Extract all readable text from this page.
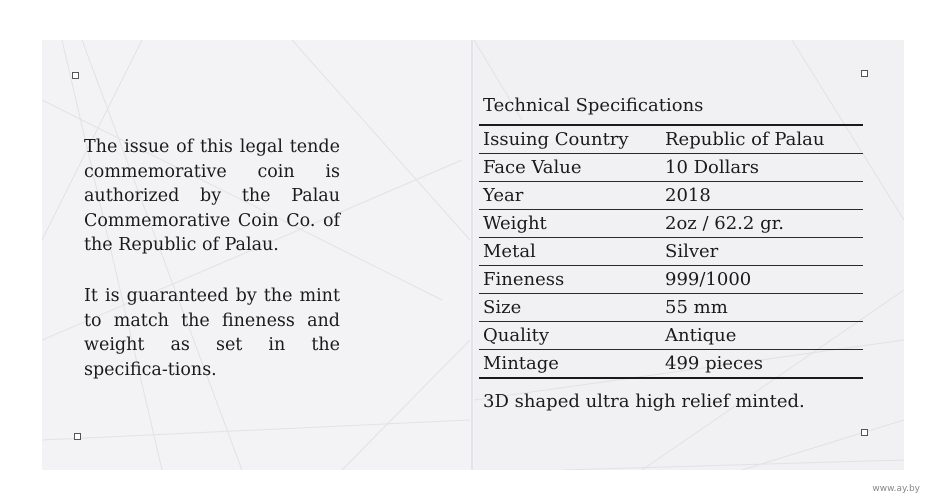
The issue of this legal tende commemorative coin is authorized by the Palau Commemorative Coin Co. of the Republic of Palau.

It is guaranteed by the mint to match the fineness and weight as set in the specifica-tions.

Technical Specifications

Issuing Country	Republic of Palau
Face Value	10 Dollars
Year	2018
Weight	2oz / 62.2 gr.
Metal	Silver
Fineness	999/1000
Size	55 mm
Quality	Antique
Mintage	499 pieces

3D shaped ultra high relief minted.

www.ay.by
